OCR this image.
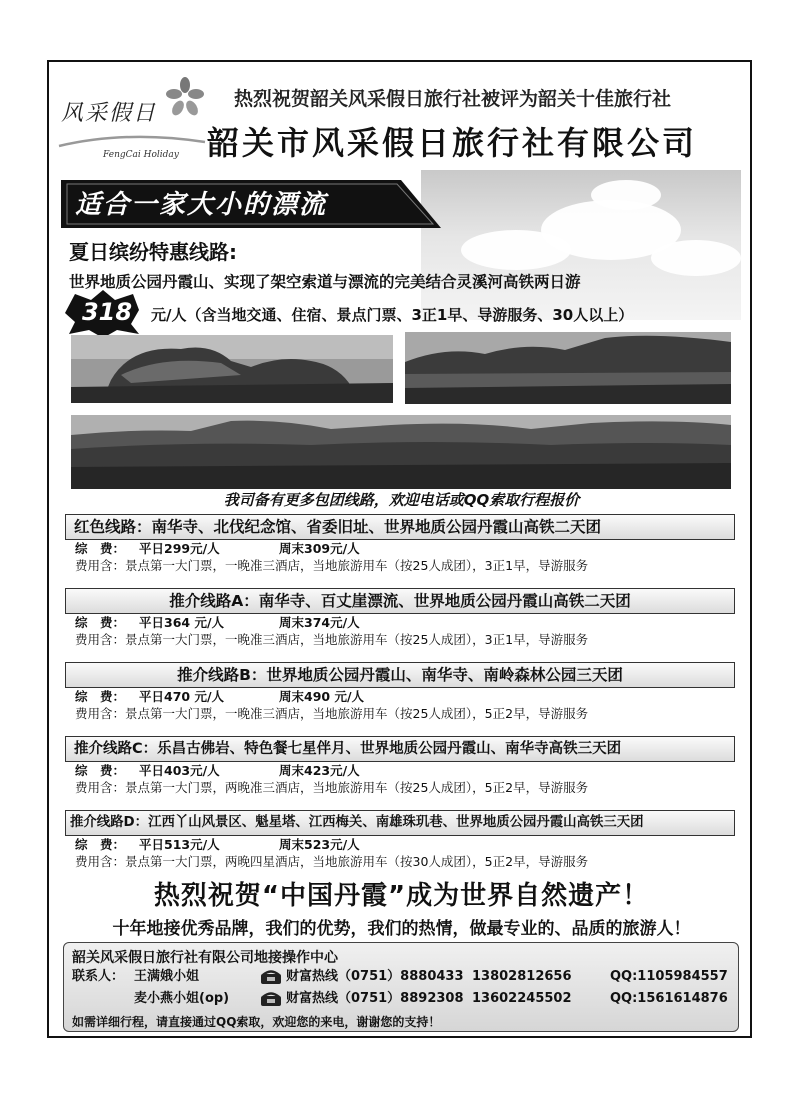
风采假日
FengCai Holiday
热烈祝贺韶关风采假日旅行社被评为韶关十佳旅行社
韶关市风采假日旅行社有限公司
适合一家大小的漂流
夏日缤纷特惠线路:
世界地质公园丹霞山、实现了架空索道与漂流的完美结合灵溪河高铁两日游
318	元/人（含当地交通、住宿、景点门票、3正1早、导游服务、30人以上）
我司备有更多包团线路，欢迎电话或QQ索取行程报价
红色线路：南华寺、北伐纪念馆、省委旧址、世界地质公园丹霞山高铁二天团
综　费： 平日299元/人	周末309元/人
费用含：景点第一大门票，一晚准三酒店，当地旅游用车（按25人成团），3正1早，导游服务
推介线路A：南华寺、百丈崖漂流、世界地质公园丹霞山高铁二天团
综　费： 平日364 元/人	周末374元/人
费用含：景点第一大门票，一晚准三酒店，当地旅游用车（按25人成团），3正1早，导游服务
推介线路B：世界地质公园丹霞山、南华寺、南岭森林公园三天团
综　费： 平日470 元/人	周末490 元/人
费用含：景点第一大门票，一晚准三酒店，当地旅游用车（按25人成团），5正2早，导游服务
推介线路C：乐昌古佛岩、特色餐七星伴月、世界地质公园丹霞山、南华寺高铁三天团
综　费： 平日403元/人	周末423元/人
费用含：景点第一大门票，两晚准三酒店，当地旅游用车（按25人成团），5正2早，导游服务
推介线路D：江西丫山风景区、魁星塔、江西梅关、南雄珠玑巷、世界地质公园丹霞山高铁三天团
综　费： 平日513元/人	周末523元/人
费用含：景点第一大门票，两晚四星酒店，当地旅游用车（按30人成团），5正2早，导游服务
热烈祝贺“中国丹霞”成为世界自然遗产！
十年地接优秀品牌，我们的优势，我们的热情，做最专业的、品质的旅游人！
韶关风采假日旅行社有限公司地接操作中心
联系人： 王满娥小姐	财富热线（0751）8880433 13802812656	QQ:1105984557
麦小燕小姐(op)	财富热线（0751）8892308 13602245502	QQ:1561614876
如需详细行程，请直接通过QQ索取，欢迎您的来电，谢谢您的支持！
